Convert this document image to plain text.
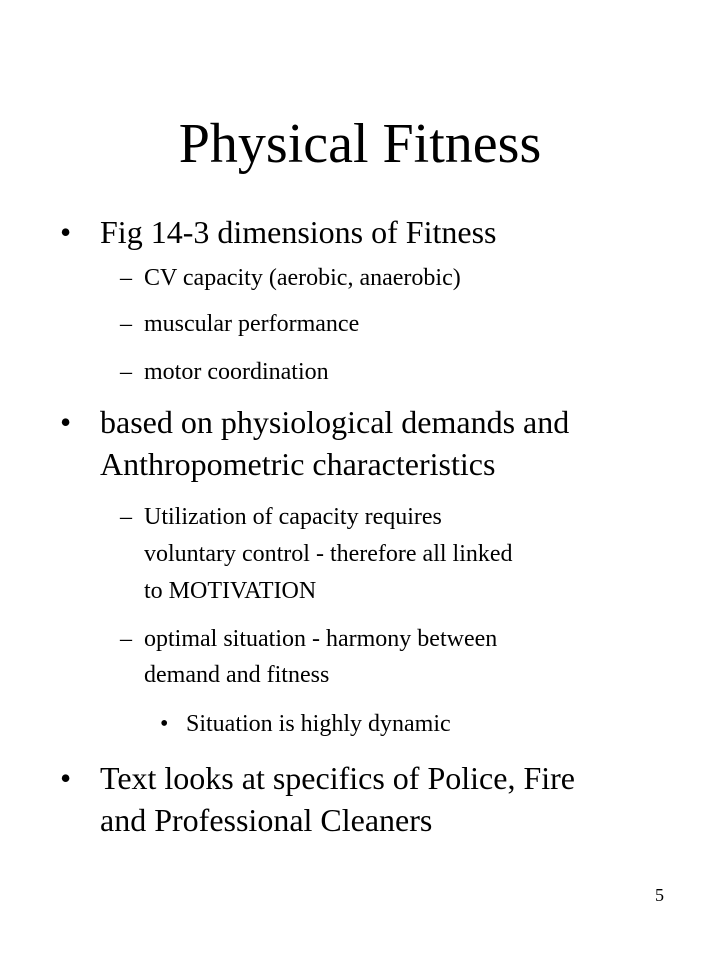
Physical Fitness
• Fig 14-3 dimensions of Fitness
– CV capacity (aerobic, anaerobic)
– muscular performance
– motor coordination
• based on physiological demands and
Anthropometric characteristics
– Utilization of capacity requires
voluntary control - therefore all linked
to MOTIVATION
– optimal situation - harmony between
demand and fitness
• Situation is highly dynamic
• Text looks at specifics of Police, Fire
and Professional Cleaners
5
